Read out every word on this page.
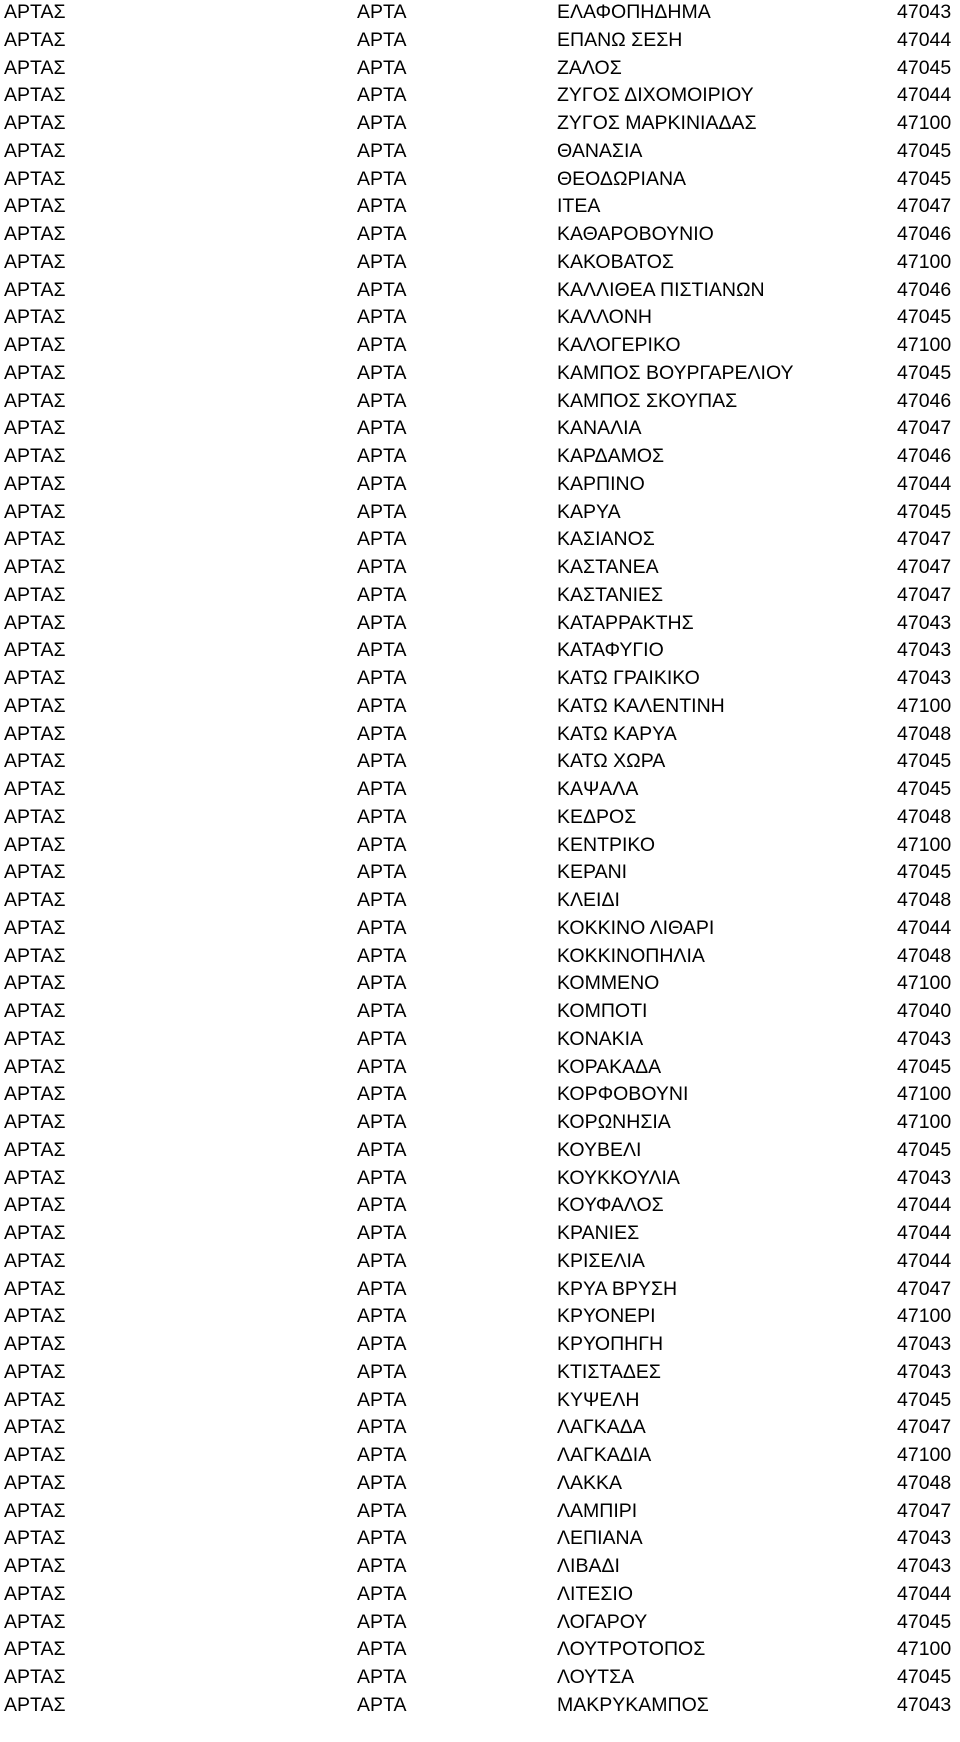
ΑΡΤΑΣ	ΑΡΤΑ	ΕΛΑΦΟΠΗΔΗΜΑ	47043
ΑΡΤΑΣ	ΑΡΤΑ	ΕΠΑΝΩ ΣΕΣΗ	47044
ΑΡΤΑΣ	ΑΡΤΑ	ΖΑΛΟΣ	47045
ΑΡΤΑΣ	ΑΡΤΑ	ΖΥΓΟΣ ΔΙΧΟΜΟΙΡΙΟΥ	47044
ΑΡΤΑΣ	ΑΡΤΑ	ΖΥΓΟΣ ΜΑΡΚΙΝΙΑΔΑΣ	47100
ΑΡΤΑΣ	ΑΡΤΑ	ΘΑΝΑΣΙΑ	47045
ΑΡΤΑΣ	ΑΡΤΑ	ΘΕΟΔΩΡΙΑΝΑ	47045
ΑΡΤΑΣ	ΑΡΤΑ	ΙΤΕΑ	47047
ΑΡΤΑΣ	ΑΡΤΑ	ΚΑΘΑΡΟΒΟΥΝΙΟ	47046
ΑΡΤΑΣ	ΑΡΤΑ	ΚΑΚΟΒΑΤΟΣ	47100
ΑΡΤΑΣ	ΑΡΤΑ	ΚΑΛΛΙΘΕΑ ΠΙΣΤΙΑΝΩΝ	47046
ΑΡΤΑΣ	ΑΡΤΑ	ΚΑΛΛΟΝΗ	47045
ΑΡΤΑΣ	ΑΡΤΑ	ΚΑΛΟΓΕΡΙΚΟ	47100
ΑΡΤΑΣ	ΑΡΤΑ	ΚΑΜΠΟΣ ΒΟΥΡΓΑΡΕΛΙΟΥ	47045
ΑΡΤΑΣ	ΑΡΤΑ	ΚΑΜΠΟΣ ΣΚΟΥΠΑΣ	47046
ΑΡΤΑΣ	ΑΡΤΑ	ΚΑΝΑΛΙΑ	47047
ΑΡΤΑΣ	ΑΡΤΑ	ΚΑΡΔΑΜΟΣ	47046
ΑΡΤΑΣ	ΑΡΤΑ	ΚΑΡΠΙΝΟ	47044
ΑΡΤΑΣ	ΑΡΤΑ	ΚΑΡΥΑ	47045
ΑΡΤΑΣ	ΑΡΤΑ	ΚΑΣΙΑΝΟΣ	47047
ΑΡΤΑΣ	ΑΡΤΑ	ΚΑΣΤΑΝΕΑ	47047
ΑΡΤΑΣ	ΑΡΤΑ	ΚΑΣΤΑΝΙΕΣ	47047
ΑΡΤΑΣ	ΑΡΤΑ	ΚΑΤΑΡΡΑΚΤΗΣ	47043
ΑΡΤΑΣ	ΑΡΤΑ	ΚΑΤΑΦΥΓΙΟ	47043
ΑΡΤΑΣ	ΑΡΤΑ	ΚΑΤΩ ΓΡΑΙΚΙΚΟ	47043
ΑΡΤΑΣ	ΑΡΤΑ	ΚΑΤΩ ΚΑΛΕΝΤΙΝΗ	47100
ΑΡΤΑΣ	ΑΡΤΑ	ΚΑΤΩ ΚΑΡΥΑ	47048
ΑΡΤΑΣ	ΑΡΤΑ	ΚΑΤΩ ΧΩΡΑ	47045
ΑΡΤΑΣ	ΑΡΤΑ	ΚΑΨΑΛΑ	47045
ΑΡΤΑΣ	ΑΡΤΑ	ΚΕΔΡΟΣ	47048
ΑΡΤΑΣ	ΑΡΤΑ	ΚΕΝΤΡΙΚΟ	47100
ΑΡΤΑΣ	ΑΡΤΑ	ΚΕΡΑΝΙ	47045
ΑΡΤΑΣ	ΑΡΤΑ	ΚΛΕΙΔΙ	47048
ΑΡΤΑΣ	ΑΡΤΑ	ΚΟΚΚΙΝΟ ΛΙΘΑΡΙ	47044
ΑΡΤΑΣ	ΑΡΤΑ	ΚΟΚΚΙΝΟΠΗΛΙΑ	47048
ΑΡΤΑΣ	ΑΡΤΑ	ΚΟΜΜΕΝΟ	47100
ΑΡΤΑΣ	ΑΡΤΑ	ΚΟΜΠΟΤΙ	47040
ΑΡΤΑΣ	ΑΡΤΑ	ΚΟΝΑΚΙΑ	47043
ΑΡΤΑΣ	ΑΡΤΑ	ΚΟΡΑΚΑΔΑ	47045
ΑΡΤΑΣ	ΑΡΤΑ	ΚΟΡΦΟΒΟΥΝΙ	47100
ΑΡΤΑΣ	ΑΡΤΑ	ΚΟΡΩΝΗΣΙΑ	47100
ΑΡΤΑΣ	ΑΡΤΑ	ΚΟΥΒΕΛΙ	47045
ΑΡΤΑΣ	ΑΡΤΑ	ΚΟΥΚΚΟΥΛΙΑ	47043
ΑΡΤΑΣ	ΑΡΤΑ	ΚΟΥΦΑΛΟΣ	47044
ΑΡΤΑΣ	ΑΡΤΑ	ΚΡΑΝΙΕΣ	47044
ΑΡΤΑΣ	ΑΡΤΑ	ΚΡΙΣΕΛΙΑ	47044
ΑΡΤΑΣ	ΑΡΤΑ	ΚΡΥΑ ΒΡΥΣΗ	47047
ΑΡΤΑΣ	ΑΡΤΑ	ΚΡΥΟΝΕΡΙ	47100
ΑΡΤΑΣ	ΑΡΤΑ	ΚΡΥΟΠΗΓΗ	47043
ΑΡΤΑΣ	ΑΡΤΑ	ΚΤΙΣΤΑΔΕΣ	47043
ΑΡΤΑΣ	ΑΡΤΑ	ΚΥΨΕΛΗ	47045
ΑΡΤΑΣ	ΑΡΤΑ	ΛΑΓΚΑΔΑ	47047
ΑΡΤΑΣ	ΑΡΤΑ	ΛΑΓΚΑΔΙΑ	47100
ΑΡΤΑΣ	ΑΡΤΑ	ΛΑΚΚΑ	47048
ΑΡΤΑΣ	ΑΡΤΑ	ΛΑΜΠΙΡΙ	47047
ΑΡΤΑΣ	ΑΡΤΑ	ΛΕΠΙΑΝΑ	47043
ΑΡΤΑΣ	ΑΡΤΑ	ΛΙΒΑΔΙ	47043
ΑΡΤΑΣ	ΑΡΤΑ	ΛΙΤΕΣΙΟ	47044
ΑΡΤΑΣ	ΑΡΤΑ	ΛΟΓΑΡΟΥ	47045
ΑΡΤΑΣ	ΑΡΤΑ	ΛΟΥΤΡΟΤΟΠΟΣ	47100
ΑΡΤΑΣ	ΑΡΤΑ	ΛΟΥΤΣΑ	47045
ΑΡΤΑΣ	ΑΡΤΑ	ΜΑΚΡΥΚΑΜΠΟΣ	47043
